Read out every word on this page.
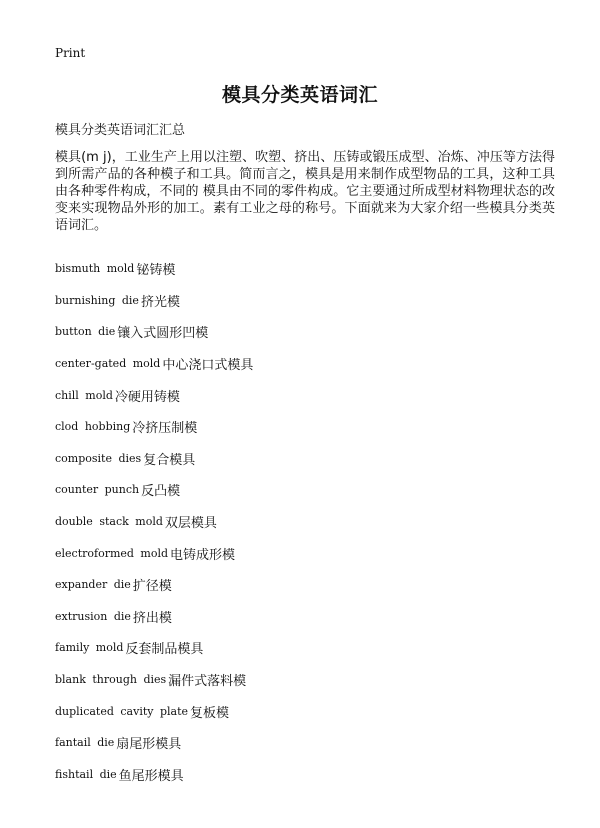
Print
模具分类英语词汇
模具分类英语词汇汇总

模具(m j)，工业生产上用以注塑、吹塑、挤出、压铸或锻压成型、冶炼、冲压等方法得到所需产品的各种模子和工具。简而言之，模具是用来制作成型物品的工具，这种工具由各种零件构成，不同的 模具由不同的零件构成。它主要通过所成型材料物理状态的改变来实现物品外形的加工。素有工业之母的称号。下面就来为大家介绍一些模具分类英语词汇。

bismuth mold 铋铸模
burnishing die 挤光模
button die 镶入式圆形凹模
center-gated mold 中心浇口式模具
chill mold 冷硬用铸模
clod hobbing 冷挤压制模
composite dies 复合模具
counter punch 反凸模
double stack mold 双层模具
electroformed mold 电铸成形模
expander die 扩径模
extrusion die 挤出模
family mold 反套制品模具
blank through dies 漏件式落料模
duplicated cavity plate 复板模
fantail die 扇尾形模具
fishtail die 鱼尾形模具
